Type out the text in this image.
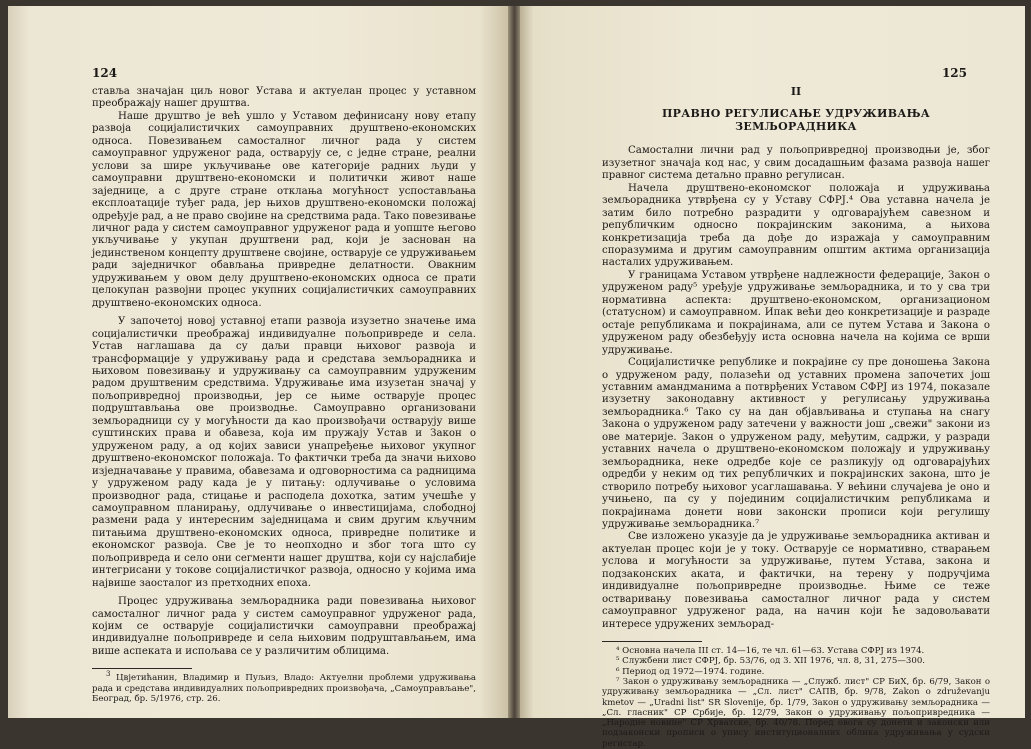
124

стављa значајан циљ новог Устава и актуелан процес у уставном преображају нашег друштва.

Наше друштво је већ ушло у Уставом дефинисану нову етапу развоја социјалистичких самоуправних друштвено-економских односа. Повезивањем самосталног личног рада у систем самоуправног удруженог рада, остварују се, с једне стране, реални услови за шире укључивање ове категорије радних људи у самоуправни друштвено-економски и политички живот наше заједнице, а с друге стране отклања могућност успостављања експлоатације туђег рада, јер њихов друштвено-економски положај одређује рад, а не право својине на средствима рада. Тако повезивање личног рада у систем самоуправног удруженог рада и уопште његово укључивање у укупан друштвени рад, који је заснован на јединственом концепту друштвене својине, остварује се удруживањем ради заједничког обављања привредне делатности. Овакним удруживањем у овом делу друштвено-економских односа се прати целокупан развојни процес укупних социјалистичких самоуправних друштвено-економских односа.

У започетој новој уставној етапи развоја изузетно значење има социјалистички преображај индивидуалне пољопривреде и села. Устав наглашава да су даљи правци њиховог развоја и трансформације у удруживању рада и средстава земљорадника и њиховом повезивању и удруживању са самоуправним удруженим радом друштвеним средствима. Удруживање има изузетан значај у пољопривредној производњи, јер се њиме остварује процес подруштављања ове производње. Самоуправно организовани земљорадници су у могућности да као произвођачи остварују више суштинских права и обавеза, која им пружају Устав и Закон о удруженом раду, а од којих зависи унапређење њиховог укупног друштвено-економског положаја. То фактички треба да значи њихово изједначавање у правима, обавезама и одговорностима са радницима у удруженом раду када је у питању: одлучивање о условима производног рада, стицање и расподела дохотка, затим учешће у самоуправном планирању, одлучивање о инвестицијама, слободној размени рада у интересним заједницама и свим другим кључним питањима друштвено-економских односа, привредне политике и економског развоја. Све је то неопходно и због тога што су пољопривреда и село они сегменти нашег друштва, који су најслабије интегрисани у токове социјалистичког развоја, односно у којима има највише заосталог из претходних епоха.

Процес удруживања земљорадника ради повезивања њиховог самосталног личног рада у систем самоуправног удруженог рада, којим се остварује социјалистички самоуправни преображај индивидуалне пољопривреде и села њиховим подруштављањем, има више аспеката и испољава се у различитим облицима.

$^3$ Цвјетићанин, Владимир и Пуљиз, Владо: Актуелни проблеми удруживања рада и средстава индивидуалних пољопривредних произвођача, „Самоуправљање", Београд, бр. 5/1976, стр. 26.

125
II
ПРАВНО РЕГУЛИСАЊЕ УДРУЖИВАЊА ЗЕМЉОРАДНИКА

Самостални лични рад у пољопривредној производњи је, због изузетног значаја код нас, у свим досадашњим фазама развоја нашег правног система детаљно правно регулисан.

Начела друштвено-економског положаја и удруживања земљорадника утврђена су у Уставу СФРЈ.⁴ Ова уставна начела је затим било потребно разрадити у одговарајућем савезном и републичким односно покрајинским законима, а њихова конкретизација треба да дође до изражаја у самоуправним споразумима и другим самоуправним општим актима организација насталих удруживањем.

У границама Уставом утврђене надлежности федерације, Закон о удруженом раду⁵ уређује удруживање земљорадника, и то у сва три нормативна аспекта: друштвено-економском, организационом (статусном) и самоуправном. Ипак већи део конкретизације и разраде остаје републикама и покрајинама, али се путем Устава и Закона о удруженом раду обезбеђују иста основна начела на којима се врши удруживање.

Социјалистичке републике и покрајине су пре доношења Закона о удруженом раду, полазећи од уставних промена започетих још уставним амандманима а потврђених Уставом СФРЈ из 1974, показале изузетну законодавну активност у регулисању удруживања земљорадника.⁶ Тако су на дан објављивања и ступања на снагу Закона о удруженом раду затечени у важности још „свежи" закони из ове материје. Закон о удруженом раду, међутим, садржи, у разради уставних начела о друштвено-економском положају и удруживању земљорадника, неке одредбе које се разликују од одговарајућих одредби у неким од тих републичких и покрајинских закона, што је створило потребу њиховог усаглашавања. У већини случајева је оно и учињено, па су у појединим социјалистичким републикама и покрајинама донети нови законски прописи који регулишу удруживање земљорадника.⁷

Све изложено указује да је удруживање земљорадника активан и актуелан процес који је у току. Остварује се нормативно, стварањем услова и могућности за удруживање, путем Устава, закона и подзаконских аката, и фактички, на терену у подручјима индивидуалне пољопривредне производње. Њиме се теже остваривању повезивања самосталног личног рада у систем самоуправног удруженог рада, на начин који ће задовољавати интересе удружених земљорад-

⁴ Основна начела III ст. 14—16, те чл. 61—63. Устава СФРЈ из 1974.

⁵ Службени лист СФРЈ, бр. 53/76, од 3. XII 1976, чл. 8, 31, 275—300.

⁶ Период од 1972—1974. године.

⁷ Закон о удруживању земљорадника — „Служб. лист" СР БиХ, бр. 6/79, Закон о удруживању земљорадника — „Сл. лист" САПВ, бр. 9/78, Zakon o združevanju kmetov — „Uradni list" SR Slovenije, бр. 1/79, Закон о удруживању земљорадника — „Сл. гласник" СР Србије, бр. 12/79, Закон о удруживању пољопривредника — „Народне новине" СР Хрватске, бр. 40/78. Поред овога су донети и законски или подзаконски прописи о упису институционалних облика удруживања у судски регистар.
